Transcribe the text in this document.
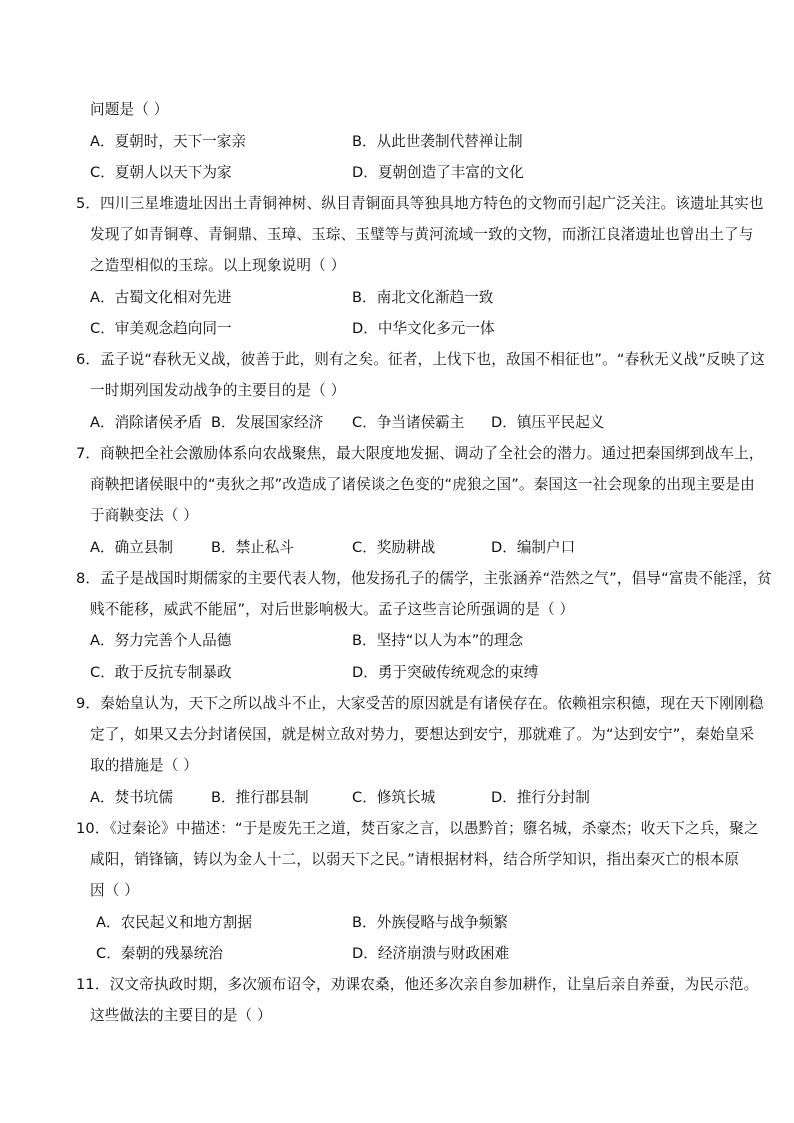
问题是（ ）
A．夏朝时，天下一家亲	B．从此世袭制代替禅让制
C．夏朝人以天下为家	D．夏朝创造了丰富的文化
5．四川三星堆遗址因出土青铜神树、纵目青铜面具等独具地方特色的文物而引起广泛关注。该遗址其实也
发现了如青铜尊、青铜鼎、玉璋、玉琮、玉璧等与黄河流域一致的文物，而浙江良渚遗址也曾出土了与
之造型相似的玉琮。以上现象说明（ ）
A．古蜀文化相对先进	B．南北文化渐趋一致
C．审美观念趋向同一	D．中华文化多元一体
6．孟子说“春秋无义战，彼善于此，则有之矣。征者，上伐下也，敌国不相征也”。“春秋无义战”反映了这
一时期列国发动战争的主要目的是（ ）
A．消除诸侯矛盾 B．发展国家经济 C．争当诸侯霸主 D．镇压平民起义
7．商鞅把全社会激励体系向农战聚焦，最大限度地发掘、调动了全社会的潜力。通过把秦国绑到战车上，
商鞅把诸侯眼中的“夷狄之邦”改造成了诸侯谈之色变的“虎狼之国”。秦国这一社会现象的出现主要是由
于商鞅变法（ ）
A．确立县制	B．禁止私斗	C．奖励耕战	D．编制户口
8．孟子是战国时期儒家的主要代表人物，他发扬孔子的儒学，主张涵养“浩然之气”，倡导“富贵不能淫，贫
贱不能移，威武不能屈”，对后世影响极大。孟子这些言论所强调的是（ ）
A．努力完善个人品德	B．坚持“以人为本”的理念
C．敢于反抗专制暴政	D．勇于突破传统观念的束缚
9．秦始皇认为，天下之所以战斗不止，大家受苦的原因就是有诸侯存在。依赖祖宗积德，现在天下刚刚稳
定了，如果又去分封诸侯国，就是树立敌对势力，要想达到安宁，那就难了。为“达到安宁”，秦始皇采
取的措施是（ ）
A．焚书坑儒	B．推行郡县制	C．修筑长城	D．推行分封制
10．《过秦论》中描述：“于是废先王之道，焚百家之言，以愚黔首；隳名城，杀豪杰；收天下之兵，聚之
咸阳，销锋镝，铸以为金人十二，以弱天下之民。”请根据材料，结合所学知识，指出秦灭亡的根本原
因（ ）
A．农民起义和地方割据	B．外族侵略与战争频繁
C．秦朝的残暴统治	D．经济崩溃与财政困难
11．汉文帝执政时期，多次颁布诏令，劝课农桑，他还多次亲自参加耕作，让皇后亲自养蚕，为民示范。
这些做法的主要目的是（ ）
